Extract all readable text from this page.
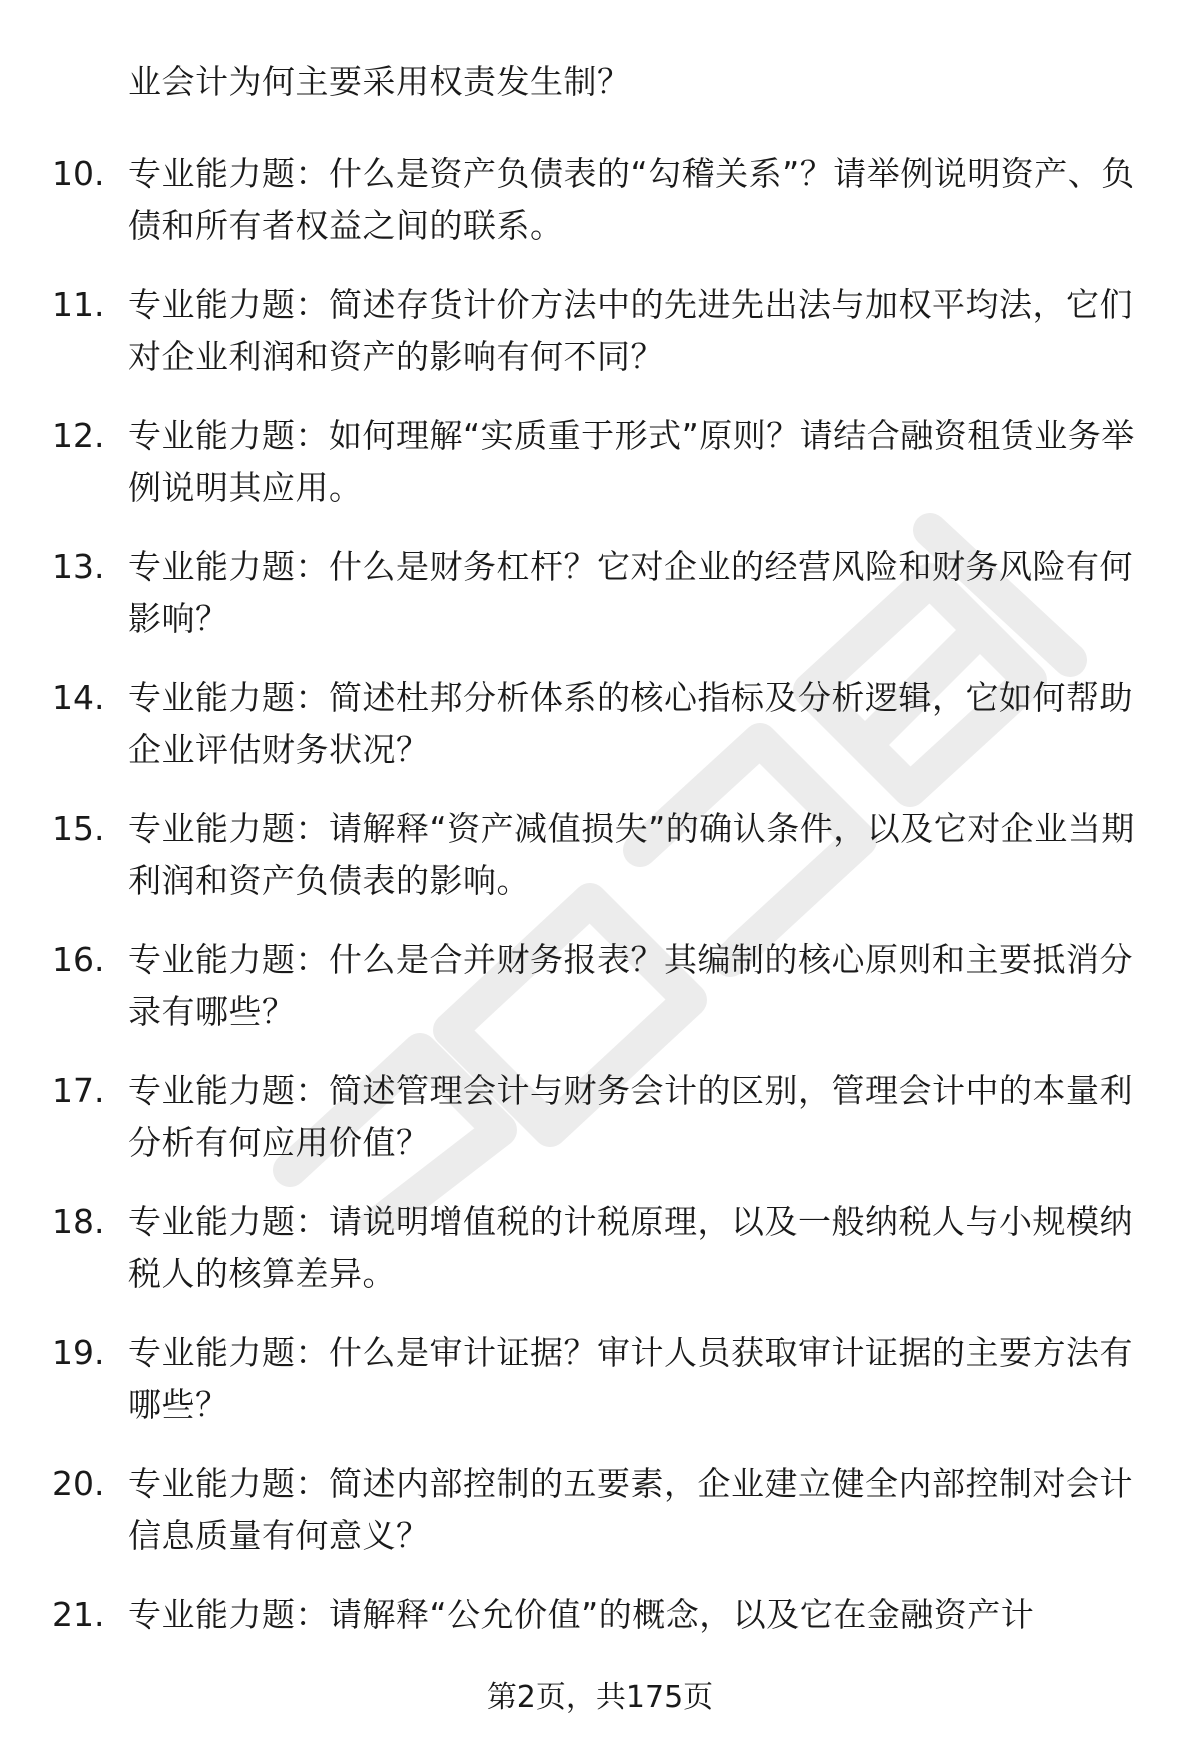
业会计为何主要采用权责发生制？
10. 专业能力题：什么是资产负债表的“勾稽关系”？请举例说明资产、负债和所有者权益之间的联系。
11. 专业能力题：简述存货计价方法中的先进先出法与加权平均法，它们对企业利润和资产的影响有何不同？
12. 专业能力题：如何理解“实质重于形式”原则？请结合融资租赁业务举例说明其应用。
13. 专业能力题：什么是财务杠杆？它对企业的经营风险和财务风险有何影响？
14. 专业能力题：简述杜邦分析体系的核心指标及分析逻辑，它如何帮助企业评估财务状况？
15. 专业能力题：请解释“资产减值损失”的确认条件，以及它对企业当期利润和资产负债表的影响。
16. 专业能力题：什么是合并财务报表？其编制的核心原则和主要抵消分录有哪些？
17. 专业能力题：简述管理会计与财务会计的区别，管理会计中的本量利分析有何应用价值？
18. 专业能力题：请说明增值税的计税原理，以及一般纳税人与小规模纳税人的核算差异。
19. 专业能力题：什么是审计证据？审计人员获取审计证据的主要方法有哪些？
20. 专业能力题：简述内部控制的五要素，企业建立健全内部控制对会计信息质量有何意义？
21. 专业能力题：请解释“公允价值”的概念，以及它在金融资产计
第2页，共175页
